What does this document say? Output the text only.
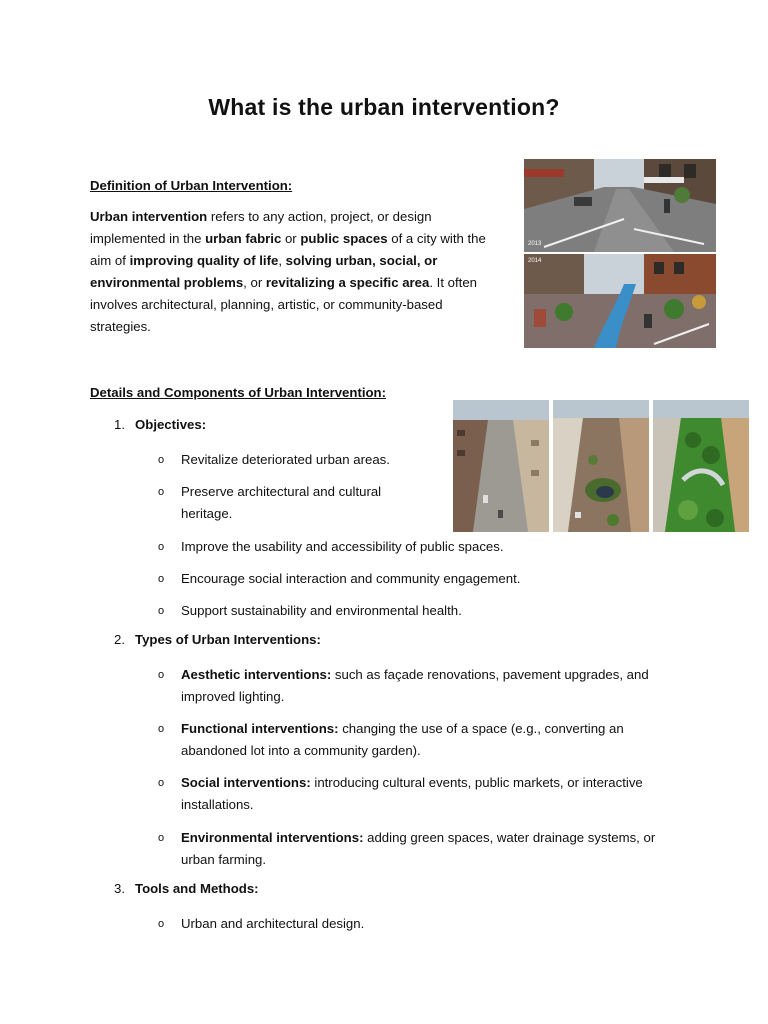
What is the urban intervention?
Definition of Urban Intervention:
Urban intervention refers to any action, project, or design
implemented in the urban fabric or public spaces of a city with the
aim of improving quality of life, solving urban, social, or
environmental problems, or revitalizing a specific area. It often
involves architectural, planning, artistic, or community-based
strategies.
2013
2014
Details and Components of Urban Intervention:
1. Objectives:
o	Revitalize deteriorated urban areas.
o	Preserve architectural and cultural
heritage.
o	Improve the usability and accessibility of public spaces.
o	Encourage social interaction and community engagement.
o	Support sustainability and environmental health.
2. Types of Urban Interventions:
o	Aesthetic interventions: such as façade renovations, pavement upgrades, and
improved lighting.
o	Functional interventions: changing the use of a space (e.g., converting an
abandoned lot into a community garden).
o	Social interventions: introducing cultural events, public markets, or interactive
installations.
o	Environmental interventions: adding green spaces, water drainage systems, or
urban farming.
3. Tools and Methods:
o	Urban and architectural design.
